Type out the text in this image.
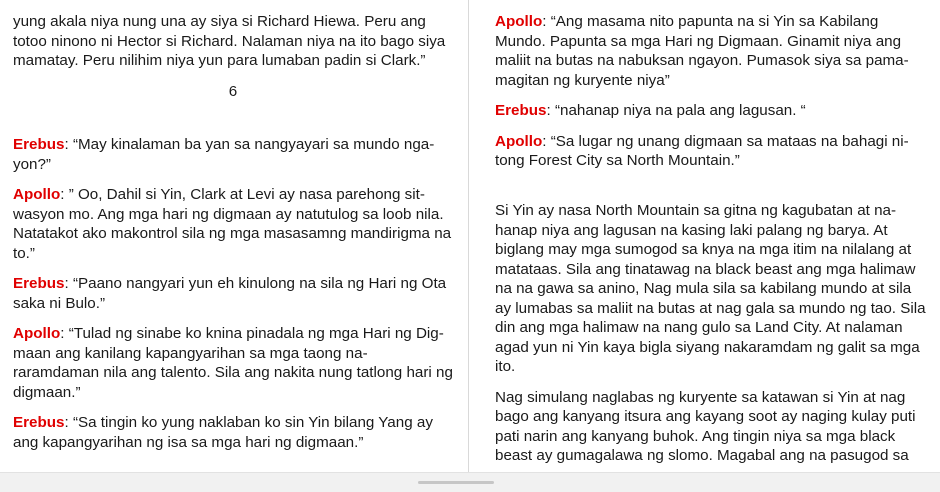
yung akala niya nung una ay siya si Richard Hiewa. Peru ang totoo ninono ni Hector si Richard. Nalaman niya na ito bago siya mamatay. Peru nilihim niya yun para lumaban padin si Clark.”

6

Erebus: “May kinalaman ba yan sa nangyayari sa mundo nga-yon?”

Apollo: ” Oo, Dahil si Yin, Clark at Levi ay nasa parehong sit-wasyon mo. Ang mga hari ng digmaan ay natutulog sa loob nila. Natatakot ako makontrol sila ng mga masasamng mandirigma na to.”

Erebus: “Paano nangyari yun eh kinulong na sila ng Hari ng Ota saka ni Bulo.”

Apollo: “Tulad ng sinabe ko knina pinadala ng mga Hari ng Dig-maan ang kanilang kapangyarihan sa mga taong na-raramdaman nila ang talento. Sila ang nakita nung tatlong hari ng digmaan.”

Erebus: “Sa tingin ko yung naklaban ko sin Yin bilang Yang ay ang kapangyarihan ng isa sa mga hari ng digmaan.”

Apollo: “Ang masama nito papunta na si Yin sa Kabilang Mundo. Papunta sa mga Hari ng Digmaan. Ginamit niya ang maliit na butas na nabuksan ngayon. Pumasok siya sa pama-magitan ng kuryente niya”

Erebus: “nahanap niya na pala ang lagusan. “

Apollo: “Sa lugar ng unang digmaan sa mataas na bahagi ni-tong Forest City sa North Mountain.”

Si Yin ay nasa North Mountain sa gitna ng kagubatan at na-hanap niya ang lagusan na kasing laki palang ng barya. At biglang may mga sumogod sa knya na mga itim na nilalang at matataas. Sila ang tinatawag na black beast ang mga halimaw na na gawa sa anino, Nag mula sila sa kabilang mundo at sila ay lumabas sa maliit na butas at nag gala sa mundo ng tao. Sila din ang mga halimaw na nang gulo sa Land City. At nalaman agad yun ni Yin kaya bigla siyang nakaramdam ng galit sa mga ito.

Nag simulang naglabas ng kuryente sa katawan si Yin at nag bago ang kanyang itsura ang kayang soot ay naging kulay puti pati narin ang kanyang buhok. Ang tingin niya sa mga black beast ay gumagalawa ng slomo. Magabal ang na pasugod sa
